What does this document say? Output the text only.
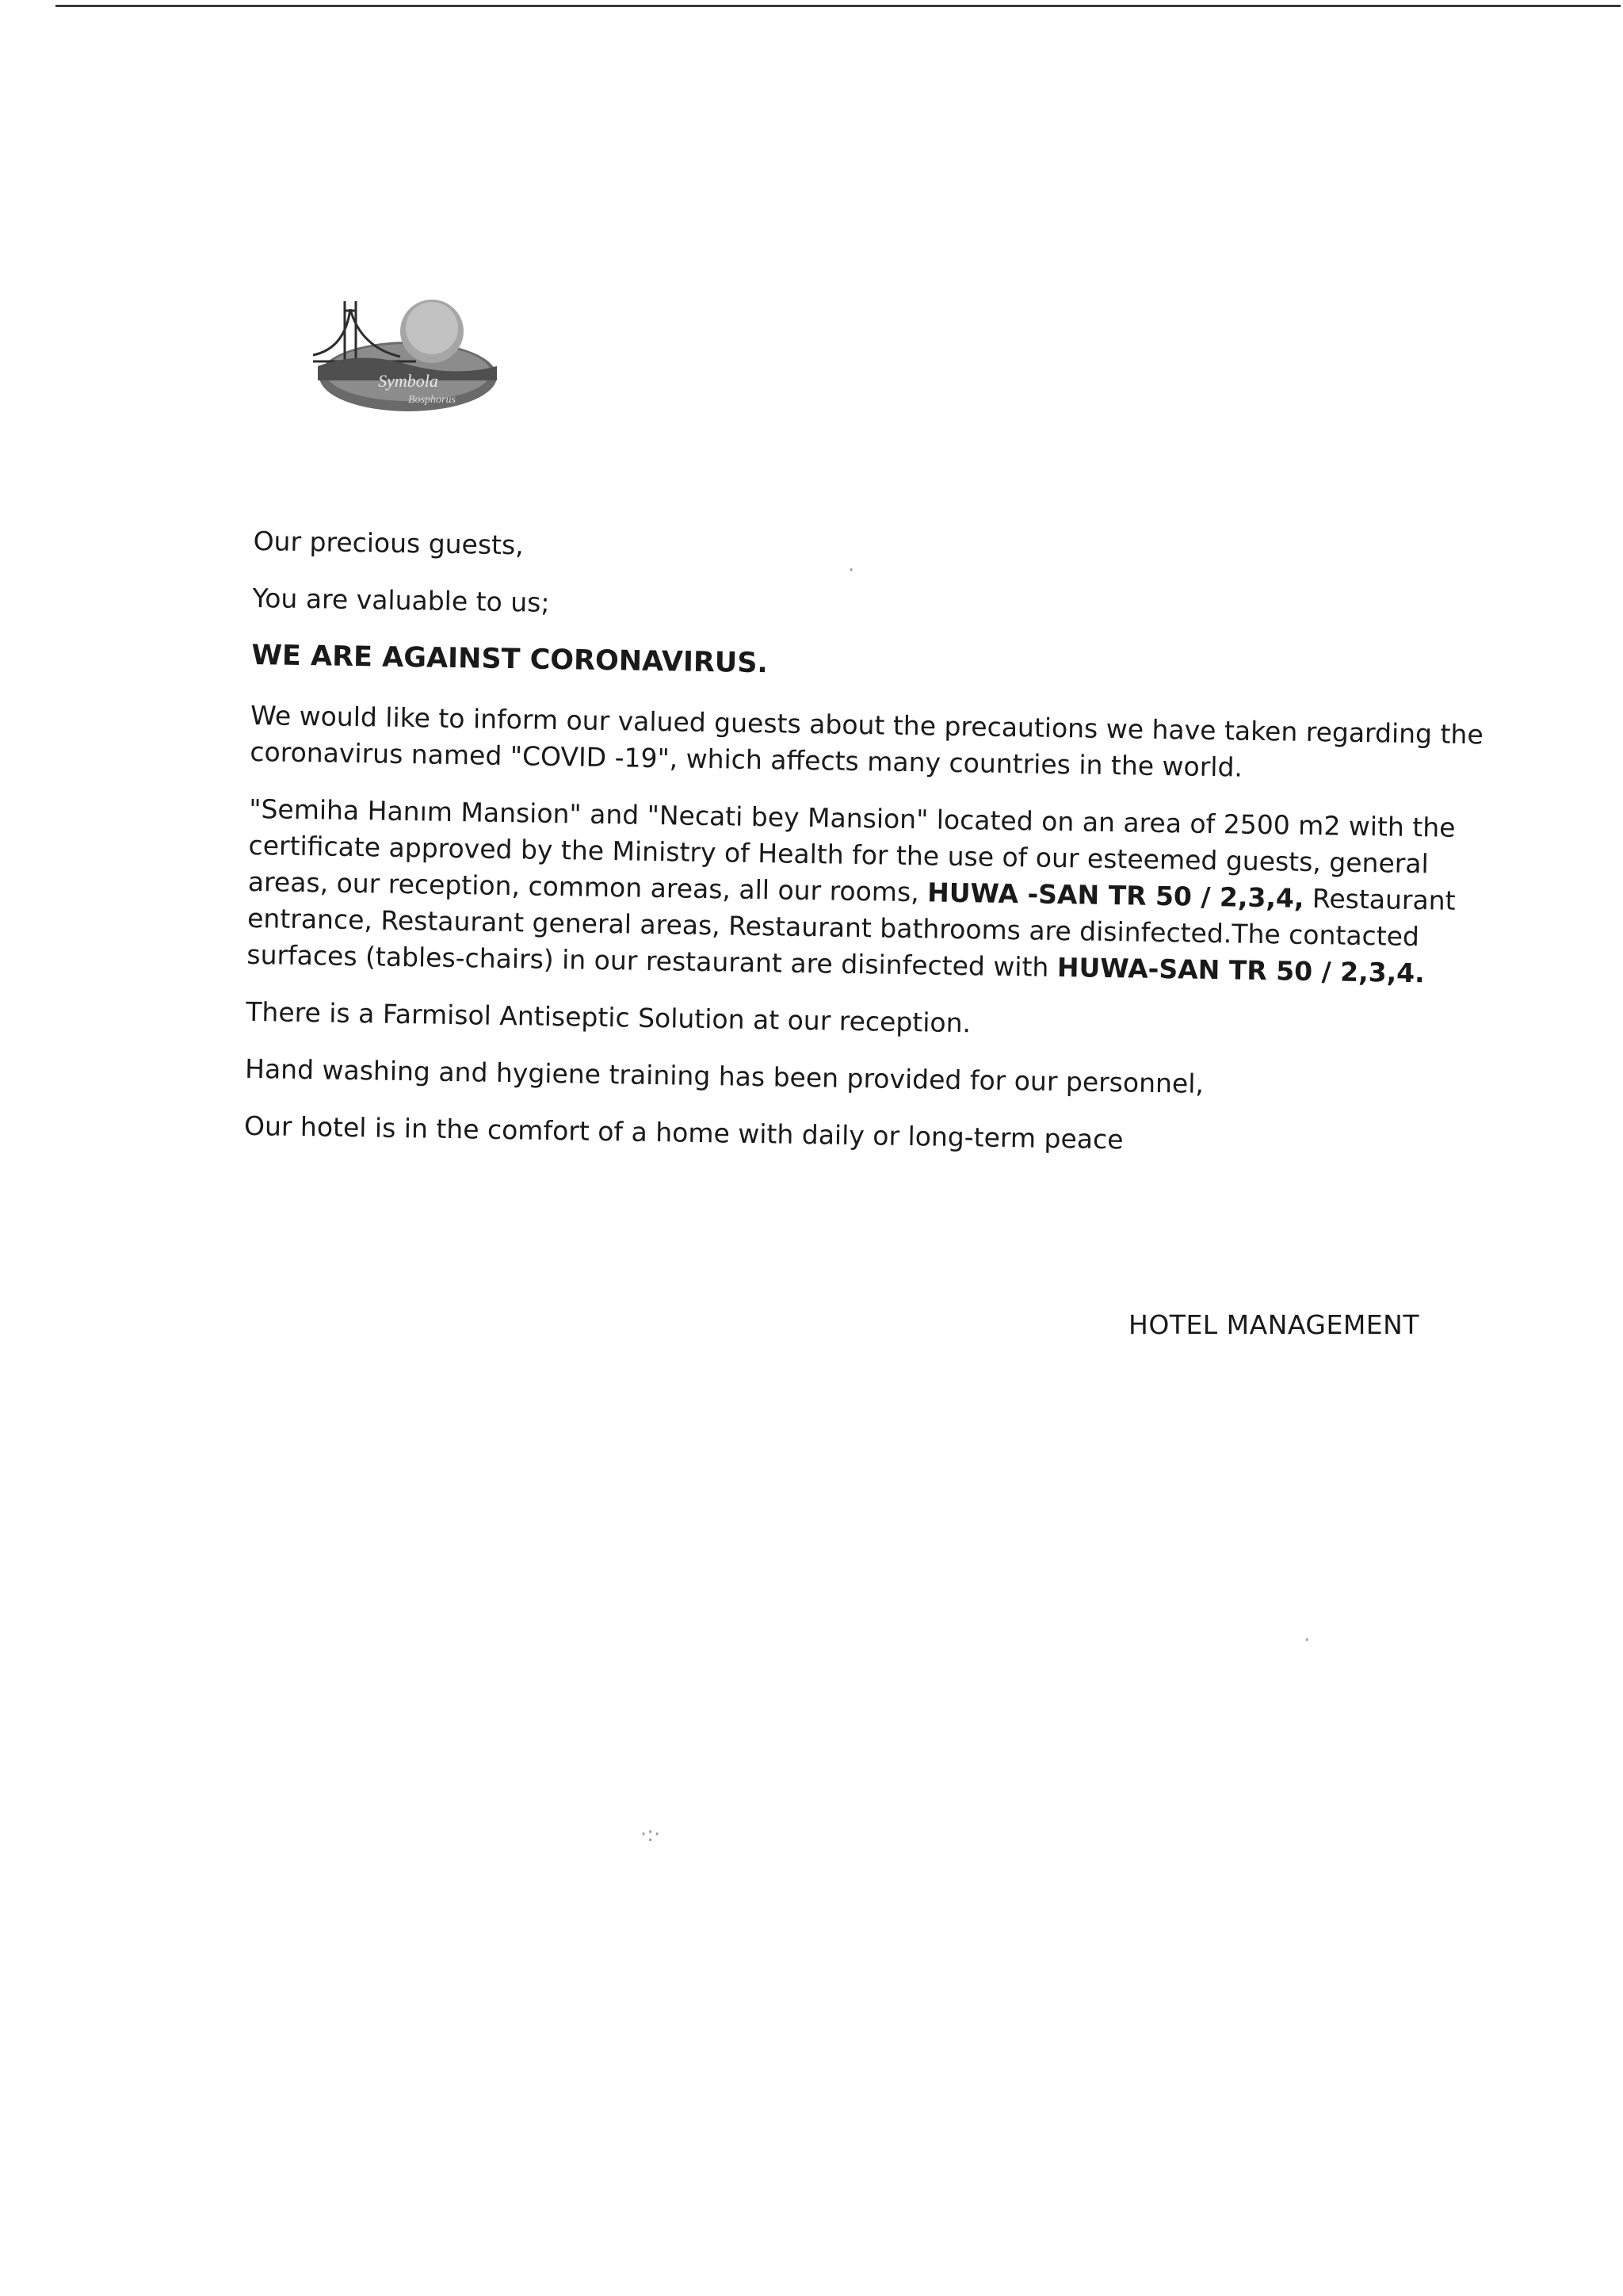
Symbola
Bosphorus

Our precious guests,

You are valuable to us;

WE ARE AGAINST CORONAVIRUS.

We would like to inform our valued guests about the precautions we have taken regarding the coronavirus named "COVID -19", which affects many countries in the world.

"Semiha Hanım Mansion" and "Necati bey Mansion" located on an area of 2500 m2 with the certificate approved by the Ministry of Health for the use of our esteemed guests, general areas, our reception, common areas, all our rooms, HUWA -SAN TR 50 / 2,3,4, Restaurant entrance, Restaurant general areas, Restaurant bathrooms are disinfected.The contacted surfaces (tables-chairs) in our restaurant are disinfected with HUWA-SAN TR 50 / 2,3,4.

There is a Farmisol Antiseptic Solution at our reception.

Hand washing and hygiene training has been provided for our personnel,

Our hotel is in the comfort of a home with daily or long-term peace

HOTEL MANAGEMENT
·:·
·
·
